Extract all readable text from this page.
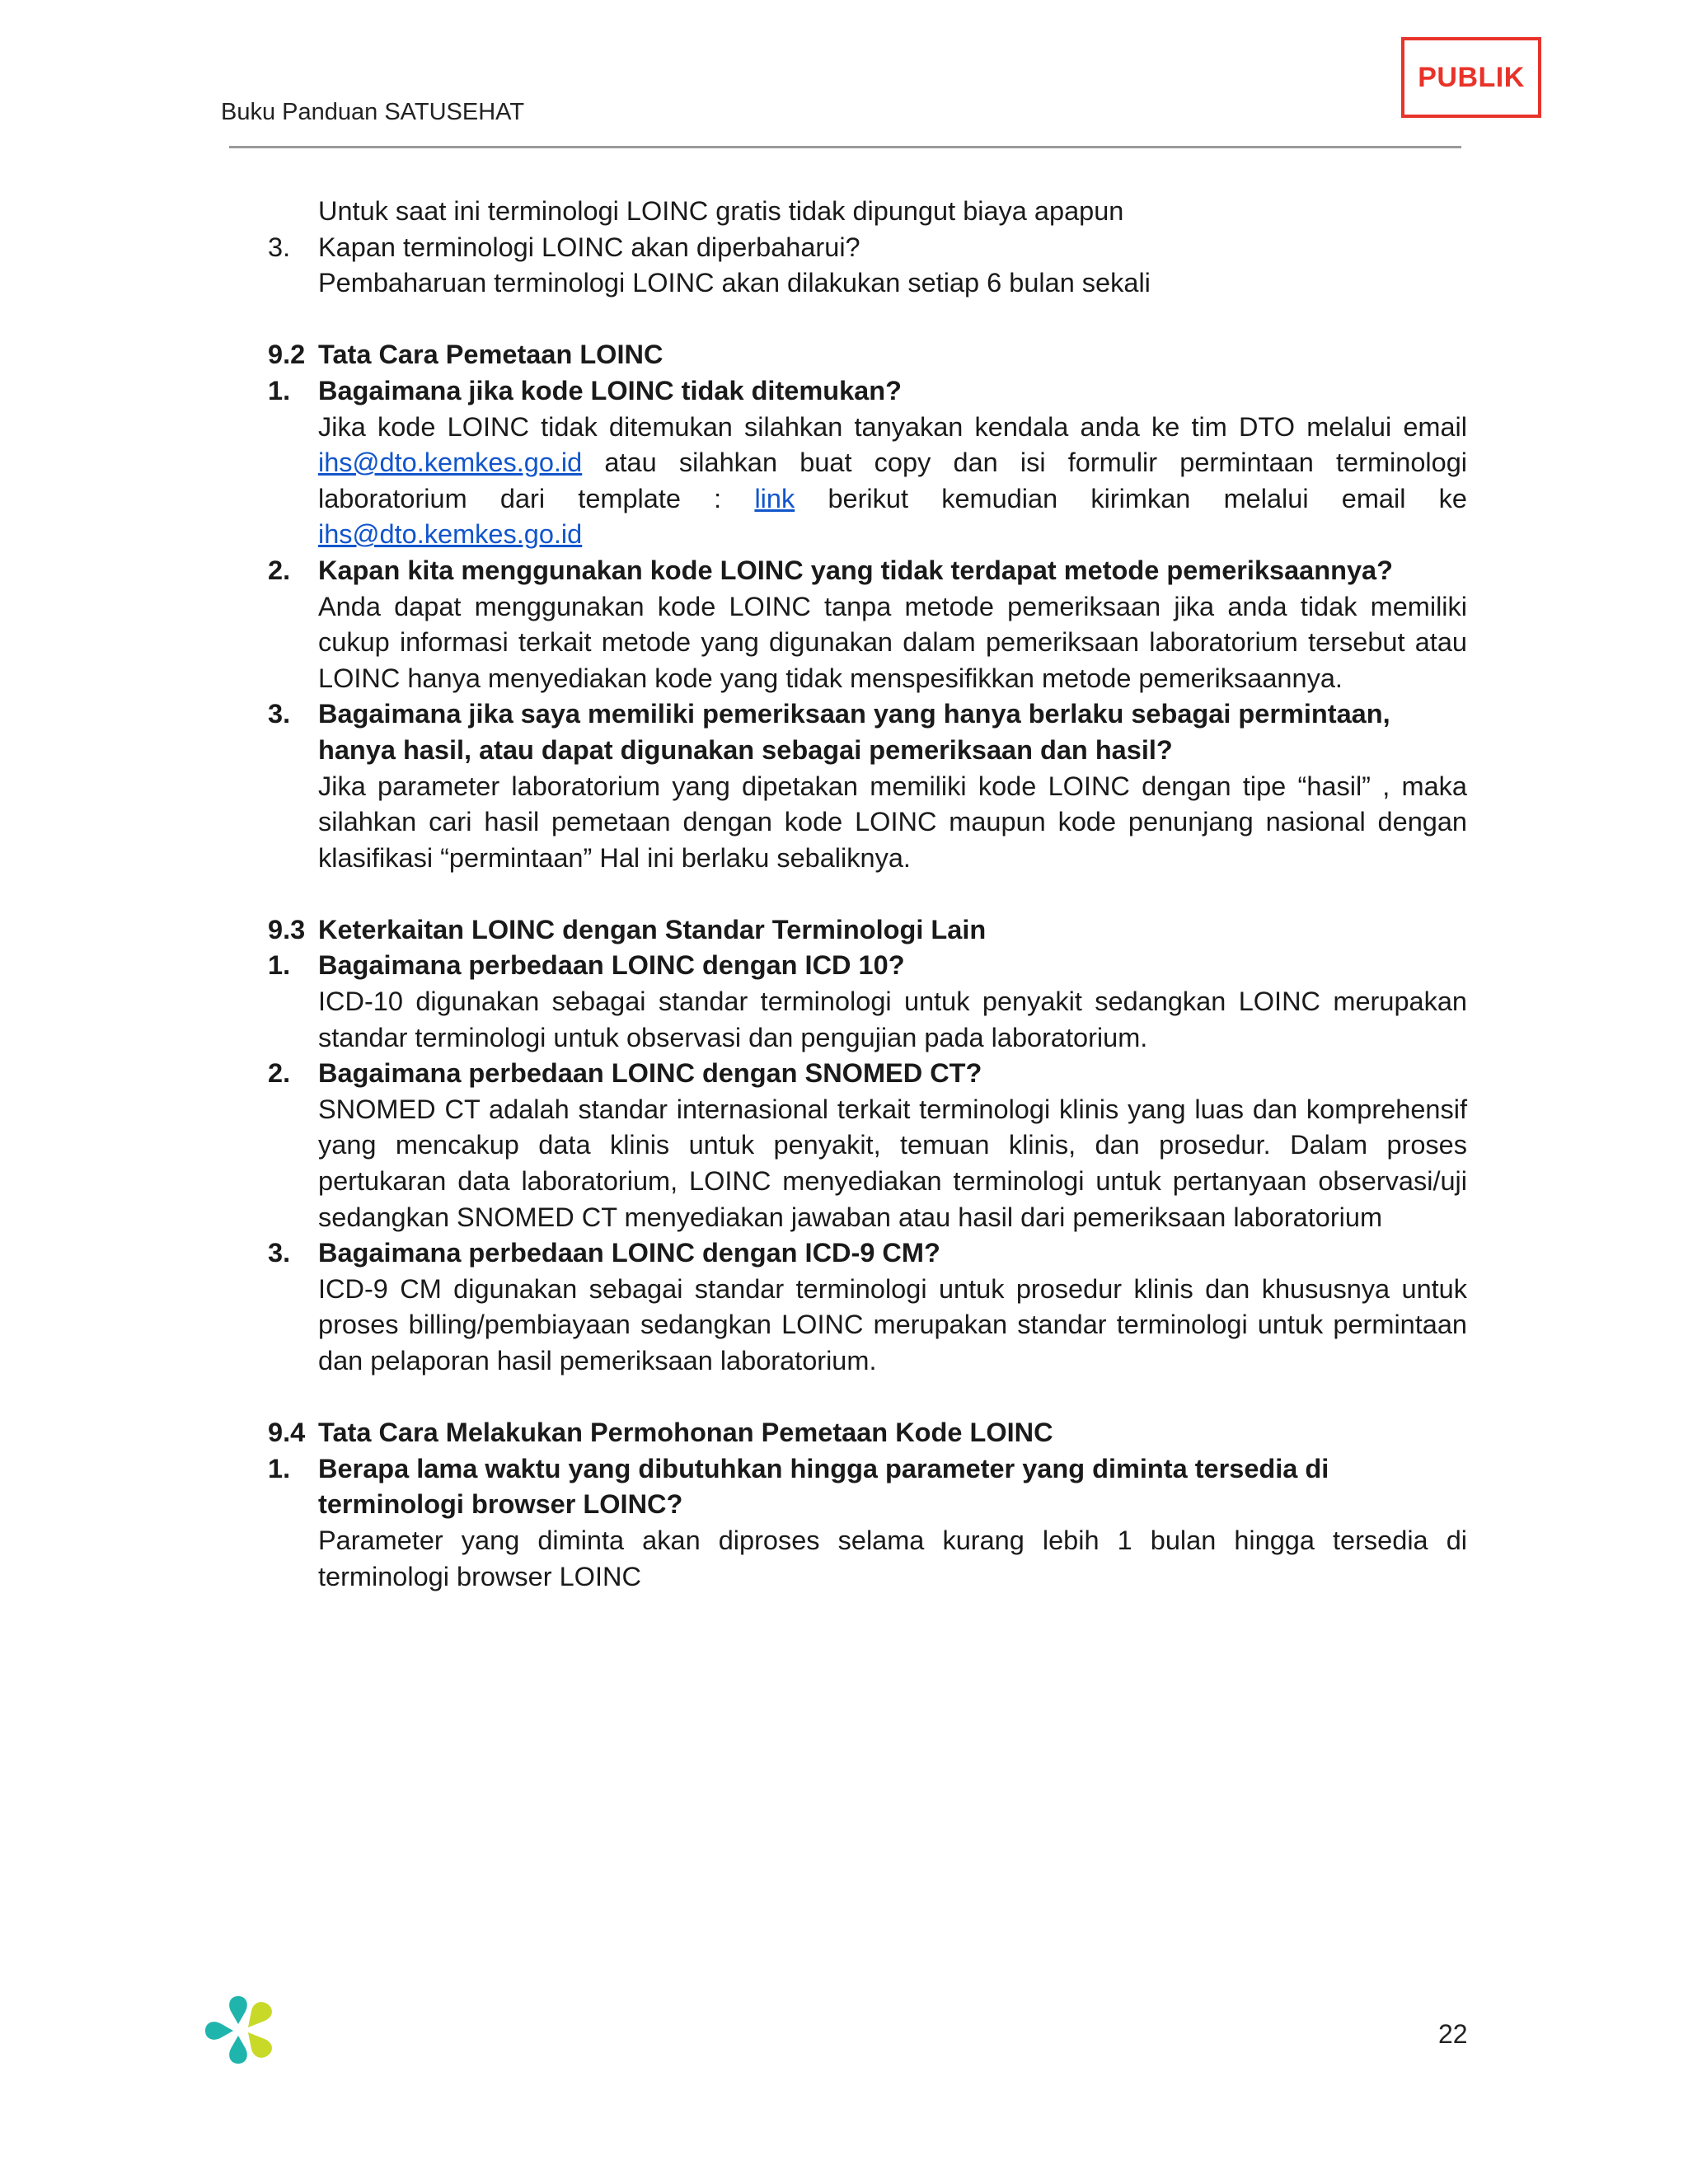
Buku Panduan SATUSEHAT
PUBLIK
Untuk saat ini terminologi LOINC gratis tidak dipungut biaya apapun
3.	Kapan terminologi LOINC akan diperbaharui?
Pembaharuan terminologi LOINC akan dilakukan setiap 6 bulan sekali
9.2 Tata Cara Pemetaan LOINC
1.	Bagaimana jika kode LOINC tidak ditemukan?
Jika kode LOINC tidak ditemukan silahkan tanyakan kendala anda ke tim DTO melalui email ihs@dto.kemkes.go.id atau silahkan buat copy dan isi formulir permintaan terminologi laboratorium dari template : link berikut kemudian kirimkan melalui email ke ihs@dto.kemkes.go.id
2.	Kapan kita menggunakan kode LOINC yang tidak terdapat metode pemeriksaannya?
Anda dapat menggunakan kode LOINC tanpa metode pemeriksaan jika anda tidak memiliki cukup informasi terkait metode yang digunakan dalam pemeriksaan laboratorium tersebut atau LOINC hanya menyediakan kode yang tidak menspesifikkan metode pemeriksaannya.
3.	Bagaimana jika saya memiliki pemeriksaan yang hanya berlaku sebagai permintaan,
hanya hasil, atau dapat digunakan sebagai pemeriksaan dan hasil?
Jika parameter laboratorium yang dipetakan memiliki kode LOINC dengan tipe “hasil” , maka silahkan cari hasil pemetaan dengan kode LOINC maupun kode penunjang nasional dengan klasifikasi “permintaan” Hal ini berlaku sebaliknya.
9.3 Keterkaitan LOINC dengan Standar Terminologi Lain
1.	Bagaimana perbedaan LOINC dengan ICD 10?
ICD-10 digunakan sebagai standar terminologi untuk penyakit sedangkan LOINC merupakan standar terminologi untuk observasi dan pengujian pada laboratorium.
2.	Bagaimana perbedaan LOINC dengan SNOMED CT?
SNOMED CT adalah standar internasional terkait terminologi klinis yang luas dan komprehensif yang mencakup data klinis untuk penyakit, temuan klinis, dan prosedur. Dalam proses pertukaran data laboratorium, LOINC menyediakan terminologi untuk pertanyaan observasi/uji sedangkan SNOMED CT menyediakan jawaban atau hasil dari pemeriksaan laboratorium
3.	Bagaimana perbedaan LOINC dengan ICD-9 CM?
ICD-9 CM digunakan sebagai standar terminologi untuk prosedur klinis dan khususnya untuk proses billing/pembiayaan sedangkan LOINC merupakan standar terminologi untuk permintaan dan pelaporan hasil pemeriksaan laboratorium.
9.4 Tata Cara Melakukan Permohonan Pemetaan Kode LOINC
1.	Berapa lama waktu yang dibutuhkan hingga parameter yang diminta tersedia di
terminologi browser LOINC?
Parameter yang diminta akan diproses selama kurang lebih 1 bulan hingga tersedia di terminologi browser LOINC
22
